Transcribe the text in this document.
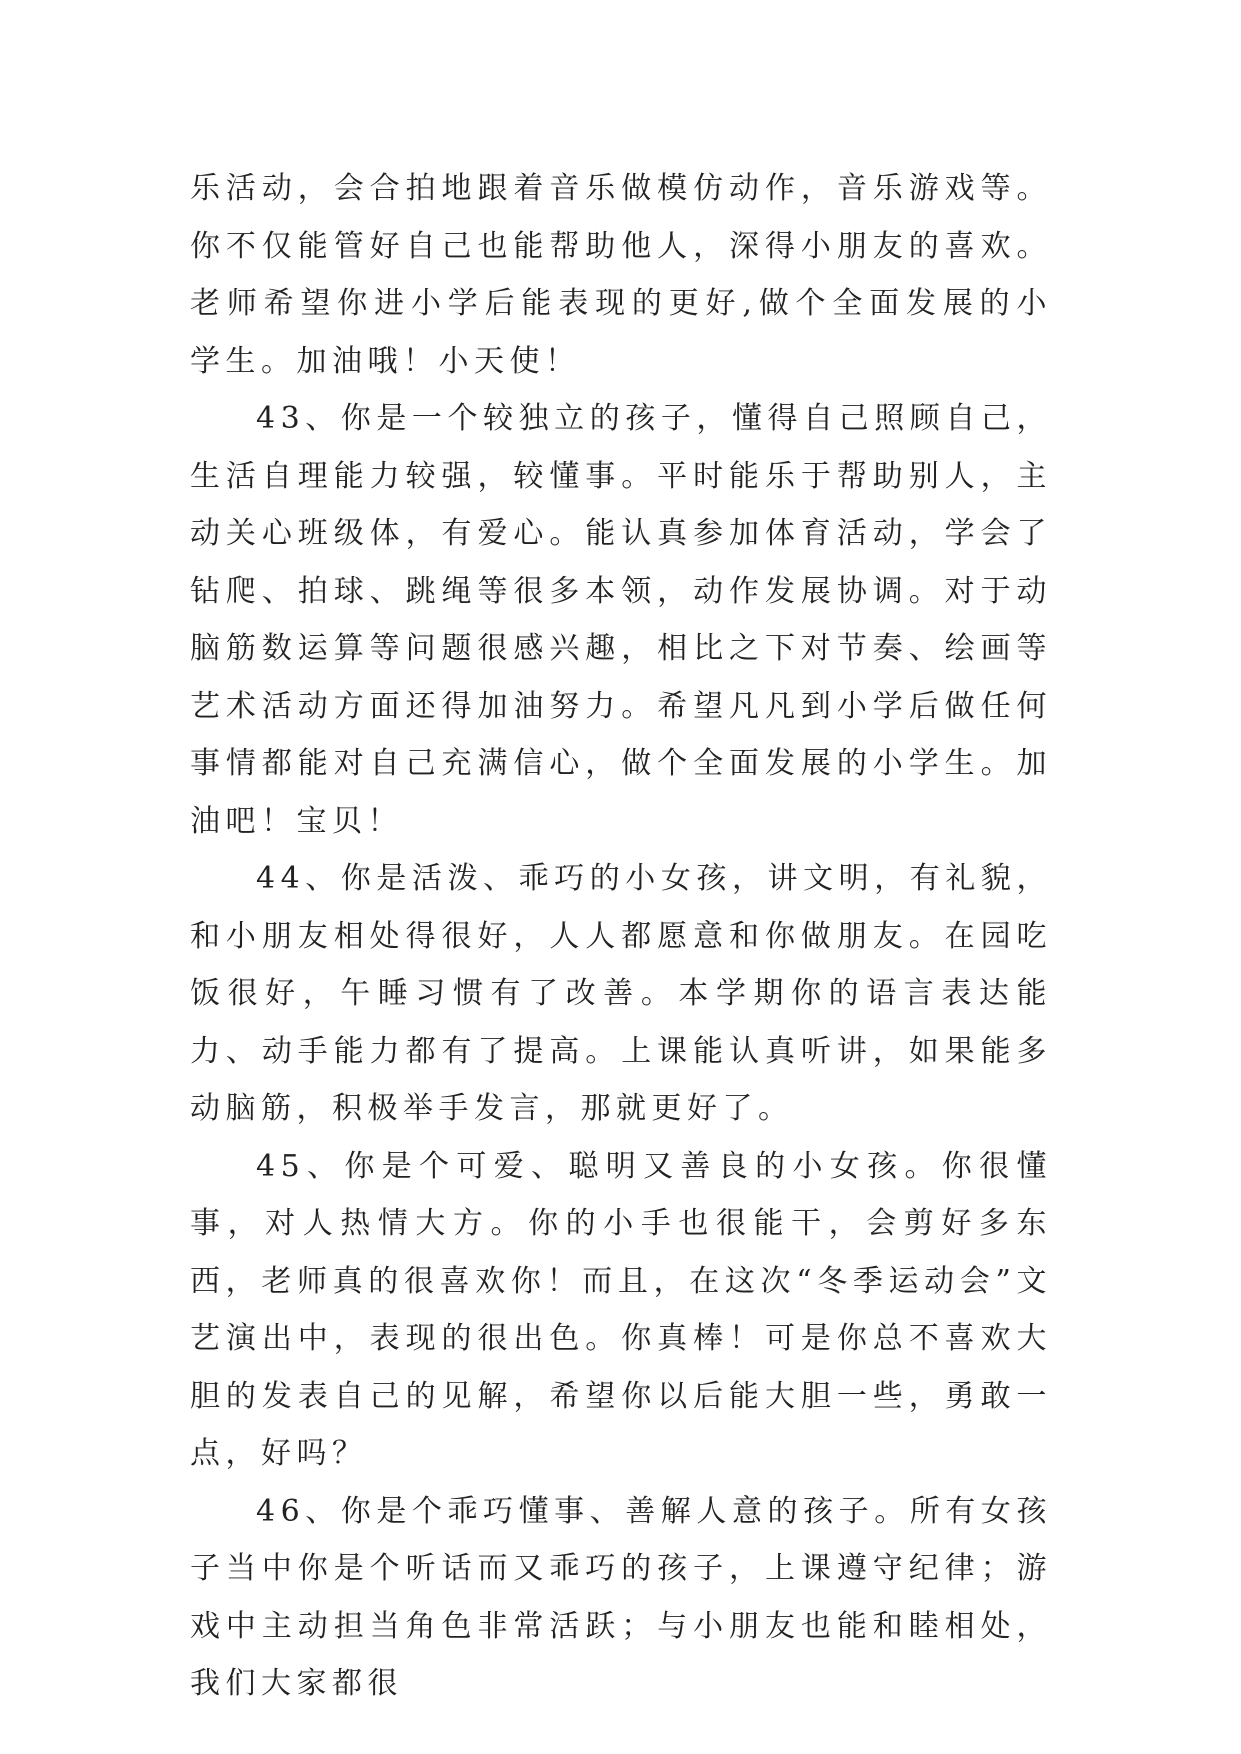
乐活动，会合拍地跟着音乐做模仿动作，音乐游戏等。你不仅能管好自己也能帮助他人，深得小朋友的喜欢。老师希望你进小学后能表现的更好,做个全面发展的小学生。加油哦！小天使！

43、你是一个较独立的孩子，懂得自己照顾自己，生活自理能力较强，较懂事。平时能乐于帮助别人，主动关心班级体，有爱心。能认真参加体育活动，学会了钻爬、拍球、跳绳等很多本领，动作发展协调。对于动脑筋数运算等问题很感兴趣，相比之下对节奏、绘画等艺术活动方面还得加油努力。希望凡凡到小学后做任何事情都能对自己充满信心，做个全面发展的小学生。加油吧！宝贝！

44、你是活泼、乖巧的小女孩，讲文明，有礼貌，和小朋友相处得很好，人人都愿意和你做朋友。在园吃饭很好，午睡习惯有了改善。本学期你的语言表达能力、动手能力都有了提高。上课能认真听讲，如果能多动脑筋，积极举手发言，那就更好了。

45、你是个可爱、聪明又善良的小女孩。你很懂事，对人热情大方。你的小手也很能干，会剪好多东西，老师真的很喜欢你！而且，在这次“冬季运动会”文艺演出中，表现的很出色。你真棒！可是你总不喜欢大胆的发表自己的见解，希望你以后能大胆一些，勇敢一点，好吗？

46、你是个乖巧懂事、善解人意的孩子。所有女孩子当中你是个听话而又乖巧的孩子，上课遵守纪律；游戏中主动担当角色非常活跃；与小朋友也能和睦相处，我们大家都很
